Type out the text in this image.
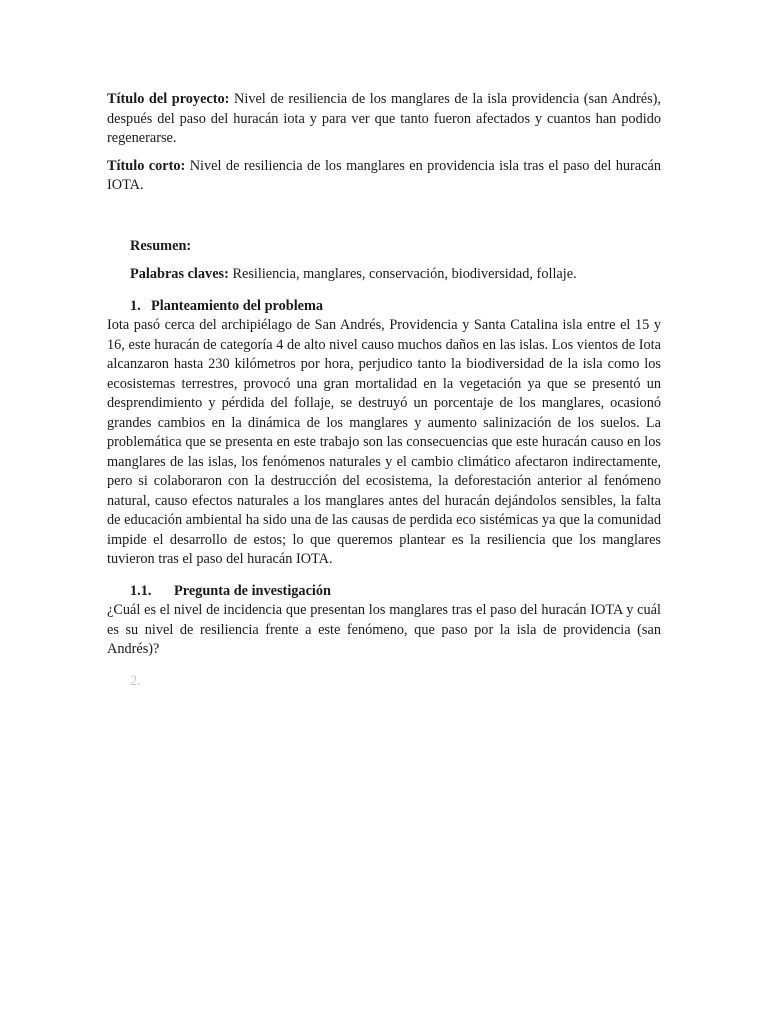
Título del proyecto: Nivel de resiliencia de los manglares de la isla providencia (san Andrés), después del paso del huracán iota y para ver que tanto fueron afectados y cuantos han podido regenerarse.

Título corto: Nivel de resiliencia de los manglares en providencia isla tras el paso del huracán IOTA.

Resumen:

Palabras claves: Resiliencia, manglares, conservación, biodiversidad, follaje.

1. Planteamiento del problema

Iota pasó cerca del archipiélago de San Andrés, Providencia y Santa Catalina isla entre el 15 y 16, este huracán de categoría 4 de alto nivel causo muchos daños en las islas. Los vientos de Iota alcanzaron hasta 230 kilómetros por hora, perjudico tanto la biodiversidad de la isla como los ecosistemas terrestres, provocó una gran mortalidad en la vegetación ya que se presentó un desprendimiento y pérdida del follaje, se destruyó un porcentaje de los manglares, ocasionó grandes cambios en la dinámica de los manglares y aumento salinización de los suelos. La problemática que se presenta en este trabajo son las consecuencias que este huracán causo en los manglares de las islas, los fenómenos naturales y el cambio climático afectaron indirectamente, pero si colaboraron con la destrucción del ecosistema, la deforestación anterior al fenómeno natural, causo efectos naturales a los manglares antes del huracán dejándolos sensibles, la falta de educación ambiental ha sido una de las causas de perdida eco sistémicas ya que la comunidad impide el desarrollo de estos; lo que queremos plantear es la resiliencia que los manglares tuvieron tras el paso del huracán IOTA.

1.1. Pregunta de investigación

¿Cuál es el nivel de incidencia que presentan los manglares tras el paso del huracán IOTA y cuál es su nivel de resiliencia frente a este fenómeno, que paso por la isla de providencia (san Andrés)?

2.
